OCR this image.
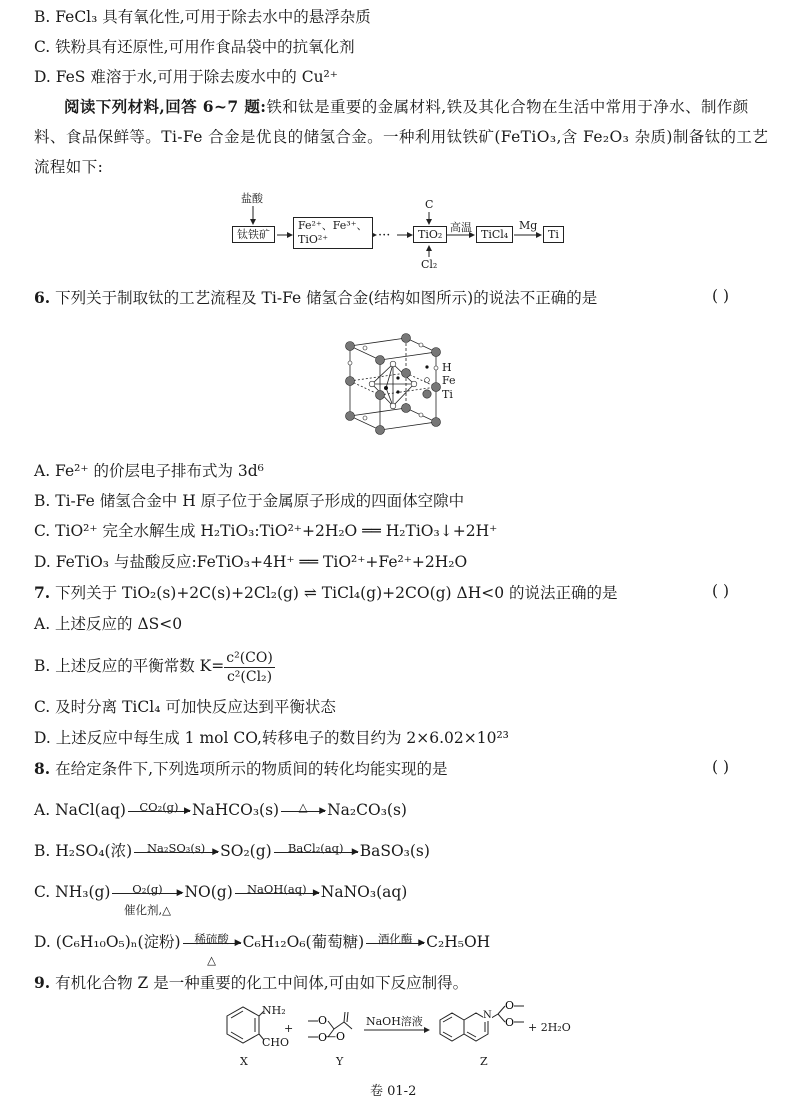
B. FeCl₃ 具有氧化性,可用于除去水中的悬浮杂质
C. 铁粉具有还原性,可用作食品袋中的抗氧化剂
D. FeS 难溶于水,可用于除去废水中的 Cu²⁺
阅读下列材料,回答 6~7 题:铁和钛是重要的金属材料,铁及其化合物在生活中常用于净水、制作颜料、食品保鲜等。Ti-Fe 合金是优良的储氢合金。一种利用钛铁矿(FeTiO₃,含 Fe₂O₃ 杂质)制备钛的工艺流程如下:
盐酸
钛铁矿
Fe²⁺、Fe³⁺、
TiO²⁺	···
C
TiO₂
Cl₂
高温
TiCl₄
Mg
Ti
6. 下列关于制取钛的工艺流程及 Ti-Fe 储氢合金(结构如图所示)的说法不正确的是	( )
H
Fe
Ti
A. Fe²⁺ 的价层电子排布式为 3d⁶
B. Ti-Fe 储氢合金中 H 原子位于金属原子形成的四面体空隙中
C. TiO²⁺ 完全水解生成 H₂TiO₃:TiO²⁺+2H₂O ══ H₂TiO₃↓+2H⁺
D. FeTiO₃ 与盐酸反应:FeTiO₃+4H⁺ ══ TiO²⁺+Fe²⁺+2H₂O
7. 下列关于 TiO₂(s)+2C(s)+2Cl₂(g) ⇌ TiCl₄(g)+2CO(g) ΔH<0 的说法正确的是	( )
A. 上述反应的 ΔS<0
B. 上述反应的平衡常数 $K= \frac{\text{c²(CO)}}{\text{c²(Cl₂)}}$
C. 及时分离 TiCl₄ 可加快反应达到平衡状态
D. 上述反应中每生成 1 mol CO,转移电子的数目约为 2×6.02×10²³
8. 在给定条件下,下列选项所示的物质间的转化均能实现的是	( )
A. NaCl(aq)	CO₂(g) ▶ NaHCO₃(s)	△	▶ Na₂CO₃(s)
B. H₂SO₄(浓)	Na₂SO₃(s) ▶ SO₂(g)	BaCl₂(aq) ▶ BaSO₃(s)
C. NH₃(g)	O₂(g)	▶
催化剂,△
NO(g)	NaOH(aq) ▶ NaNO₃(aq)
D. (C₆H₁₀O₅)ₙ(淀粉)	稀硫酸 ▶
△
C₆H₁₂O₆(葡萄糖)	酒化酶 ▶ C₂H₅OH
9. 有机化合物 Z 是一种重要的化工中间体,可由如下反应制得。
—O
O
O
O
O
NH₂
CHO
+
NaOH溶液	N
+ 2H₂O
X	Y	Z
卷 01-2
